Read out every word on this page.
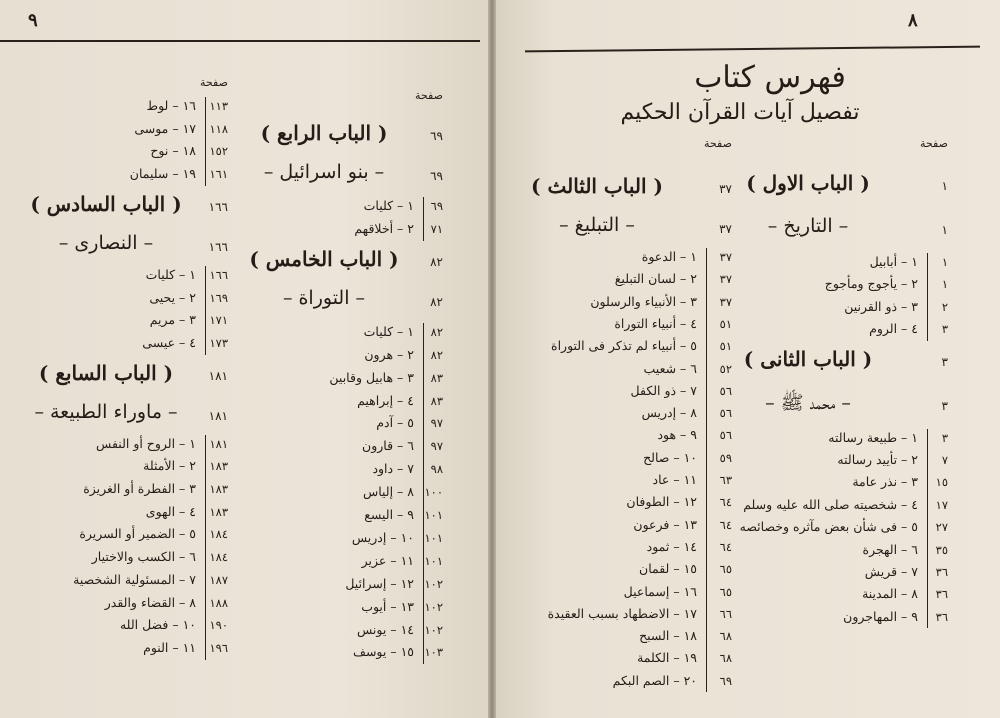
٩	٨
فهرس كتاب
تفصيل آيات القرآن الحكيم
صفحة
١
( الباب الاول )
١
– التاريخ –
١
١ – أبابيل
١
٢ – يأجوج ومأجوج
٢
٣ – ذو القرنين
٣
٤ – الروم
٣
( الباب الثانى )
٣
– محمد ﷺ –
٣
١ – طبيعة رسالته
٧
٢ – تأييد رسالته
١٥
٣ – نذر عامة
١٧
٤ – شخصيته صلى الله عليه وسلم
٢٧
٥ – فى شأن بعض مآثره وخصائصه
٣٥
٦ – الهجرة
٣٦
٧ – قريش
٣٦
٨ – المدينة
٣٦
٩ – المهاجرون
صفحة
٣٧
( الباب الثالث )
٣٧
– التبليغ –
٣٧
١ – الدعوة
٣٧
٢ – لسان التبليغ
٣٧
٣ – الأنبياء والرسلون
٥١
٤ – أنبياء التوراة
٥١
٥ – أنبياء لم تذكر فى التوراة
٥٢
٦ – شعيب
٥٦
٧ – ذو الكفل
٥٦
٨ – إدريس
٥٦
٩ – هود
٥٩
١٠ – صالح
٦٣
١١ – عاد
٦٤
١٢ – الطوفان
٦٤
١٣ – فرعون
٦٤
١٤ – ثمود
٦٥
١٥ – لقمان
٦٥
١٦ – إسماعيل
٦٦
١٧ – الاضطهاد بسبب العقيدة
٦٨
١٨ – السبح
٦٨
١٩ – الكلمة
٦٩
٢٠ – الصم البكم
صفحة
٦٩
( الباب الرابع )
٦٩
– بنو اسرائيل –
٦٩
١ – كليات
٧١
٢ – أخلاقهم
٨٢
( الباب الخامس )
٨٢
– التوراة –
٨٢
١ – كليات
٨٢
٢ – هرون
٨٣
٣ – هابيل وقابين
٨٣
٤ – إبراهيم
٩٧
٥ – آدم
٩٧
٦ – قارون
٩٨
٧ – داود
١٠٠
٨ – إلياس
١٠١
٩ – اليسع
١٠١
١٠ – إدريس
١٠١
١١ – عزير
١٠٢
١٢ – إسرائيل
١٠٢
١٣ – أيوب
١٠٢
١٤ – يونس
١٠٣
١٥ – يوسف
صفحة
١١٣
١٦ – لوط
١١٨
١٧ – موسى
١٥٢
١٨ – نوح
١٦١
١٩ – سليمان
١٦٦
( الباب السادس )
١٦٦
– النصارى –
١٦٦
١ – كليات
١٦٩
٢ – يحيى
١٧١
٣ – مريم
١٧٣
٤ – عيسى
١٨١
( الباب السابع )
١٨١
– ماوراء الطبيعة –
١٨١
١ – الروح أو النفس
١٨٣
٢ – الأمثلة
١٨٣
٣ – الفطرة أو الغريزة
١٨٣
٤ – الهوى
١٨٤
٥ – الضمير أو السريرة
١٨٤
٦ – الكسب والاختيار
١٨٧
٧ – المسئولية الشخصية
١٨٨
٨ – القضاء والقدر
١٩٠
١٠ – فضل الله
١٩٦
١١ – النوم
